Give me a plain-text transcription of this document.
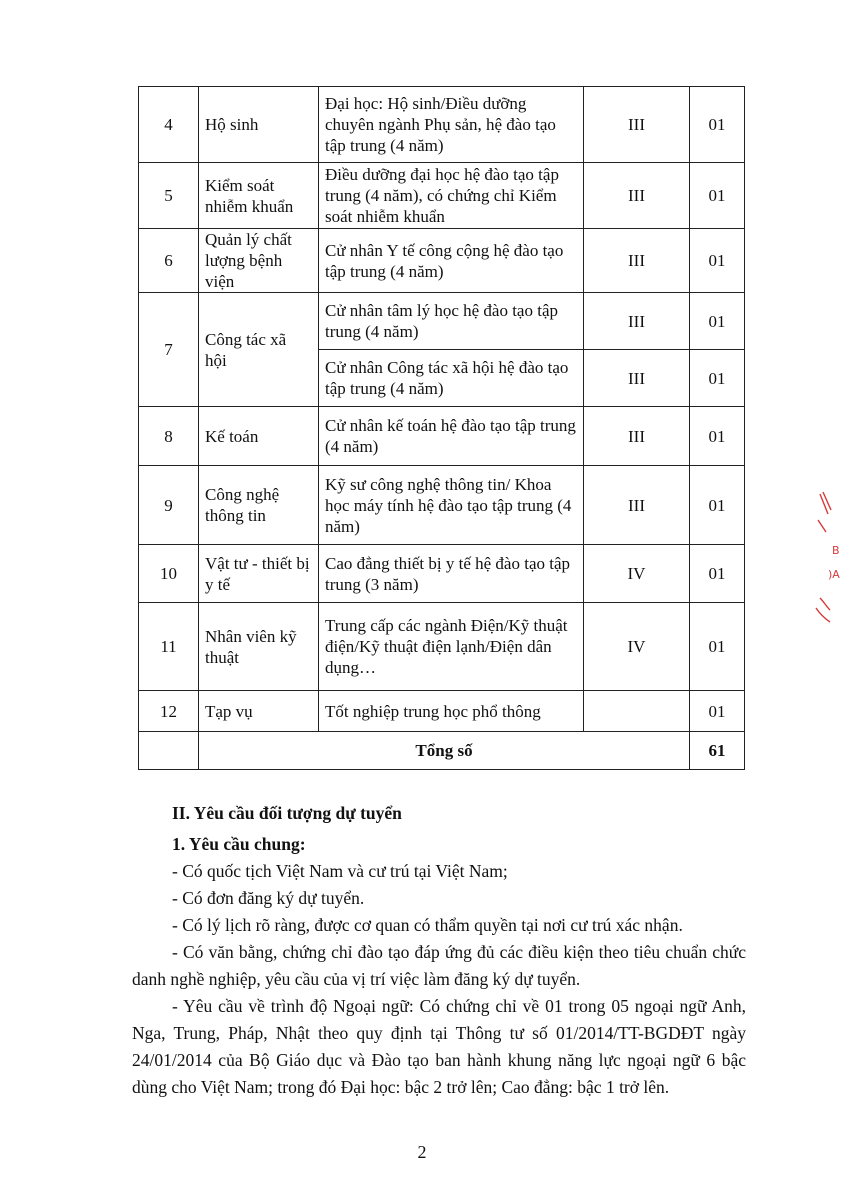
4	Hộ sinh	Đại học: Hộ sinh/Điều dưỡng chuyên ngành Phụ sản, hệ đào tạo tập trung (4 năm)	III	01
5	Kiểm soát nhiễm khuẩn	Điều dưỡng đại học hệ đào tạo tập trung (4 năm), có chứng chỉ Kiểm soát nhiễm khuẩn	III	01
6	Quản lý chất lượng bệnh viện	Cử nhân Y tế công cộng hệ đào tạo tập trung (4 năm)	III	01
7	Công tác xã hội	Cử nhân tâm lý học hệ đào tạo tập trung (4 năm)	III	01
		Cử nhân Công tác xã hội hệ đào tạo tập trung (4 năm)	III	01
8	Kế toán	Cử nhân kế toán hệ đào tạo tập trung (4 năm)	III	01
9	Công nghệ thông tin	Kỹ sư công nghệ thông tin/ Khoa học máy tính hệ đào tạo tập trung (4 năm)	III	01
10	Vật tư - thiết bị y tế	Cao đẳng thiết bị y tế hệ đào tạo tập trung (3 năm)	IV	01
11	Nhân viên kỹ thuật	Trung cấp các ngành Điện/Kỹ thuật điện/Kỹ thuật điện lạnh/Điện dân dụng…	IV	01
12	Tạp vụ	Tốt nghiệp trung học phổ thông		01
	Tổng số			61

II. Yêu cầu đối tượng dự tuyển

1. Yêu cầu chung:

- Có quốc tịch Việt Nam và cư trú tại Việt Nam;

- Có đơn đăng ký dự tuyển.

- Có lý lịch rõ ràng, được cơ quan có thẩm quyền tại nơi cư trú xác nhận.

- Có văn bằng, chứng chỉ đào tạo đáp ứng đủ các điều kiện theo tiêu chuẩn chức danh nghề nghiệp, yêu cầu của vị trí việc làm đăng ký dự tuyển.

- Yêu cầu về trình độ Ngoại ngữ: Có chứng chỉ về 01 trong 05 ngoại ngữ Anh, Nga, Trung, Pháp, Nhật theo quy định tại Thông tư số 01/2014/TT-BGDĐT ngày 24/01/2014 của Bộ Giáo dục và Đào tạo ban hành khung năng lực ngoại ngữ 6 bậc dùng cho Việt Nam; trong đó Đại học: bậc 2 trở lên; Cao đẳng: bậc 1 trở lên.

2
B
)A
